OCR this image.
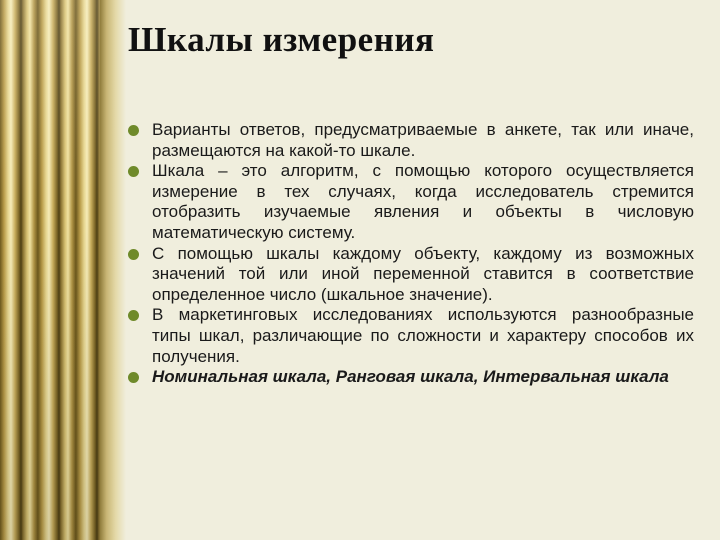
Шкалы измерения
Варианты ответов, предусматриваемые в анкете, так или иначе, размещаются на какой-то шкале.
Шкала – это алгоритм, с помощью которого осуществляется измерение в тех случаях, когда исследователь стремится отобразить изучаемые явления и объекты в числовую математическую систему.
С помощью шкалы каждому объекту, каждому из возможных значений той или иной переменной ставится в соответствие определенное число (шкальное значение).
В маркетинговых исследованиях используются разнообразные типы шкал, различающие по сложности и характеру способов их получения.
Номинальная шкала, Ранговая шкала, Интервальная шкала
